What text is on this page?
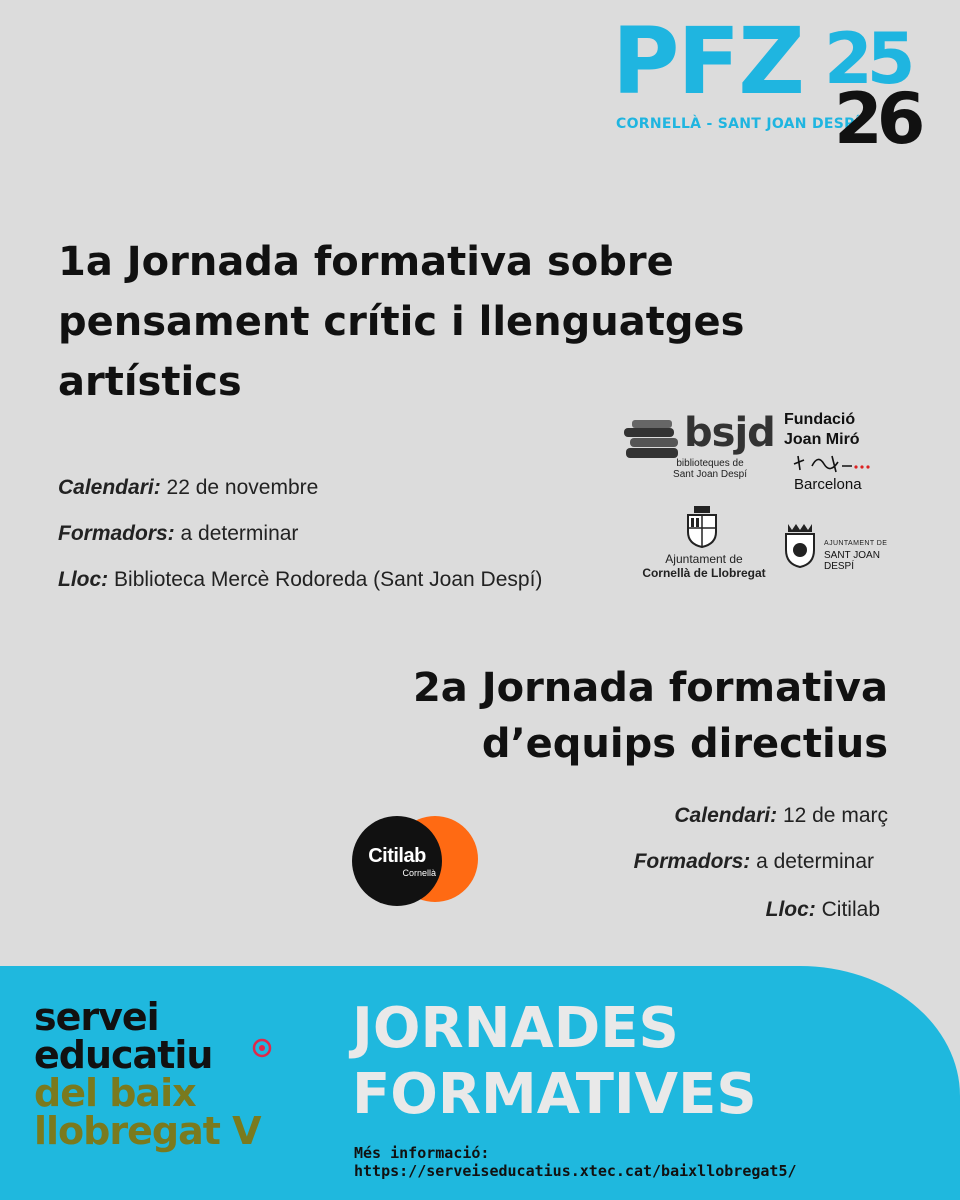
PFZ
CORNELLÀ - SANT JOAN DESPÍ
25
26
1a Jornada formativa sobre
pensament crític i llenguatges
artístics
Calendari: 22 de novembre
Formadors: a determinar
Lloc: Biblioteca Mercè Rodoreda (Sant Joan Despí)
bsjd
biblioteques de
Sant Joan Despí
Fundació
Joan Miró
Barcelona
Ajuntament de
Cornellà de Llobregat
AJUNTAMENT DE
SANT JOAN DESPÍ
2a Jornada formativa
d’equips directius
Calendari: 12 de març
Formadors: a determinar
Lloc: Citilab
Citilab
Cornellà
servei
educatiu
del baix
llobregat V
JORNADES
FORMATIVES
Més informació:
https://serveiseducatius.xtec.cat/baixllobregat5/
